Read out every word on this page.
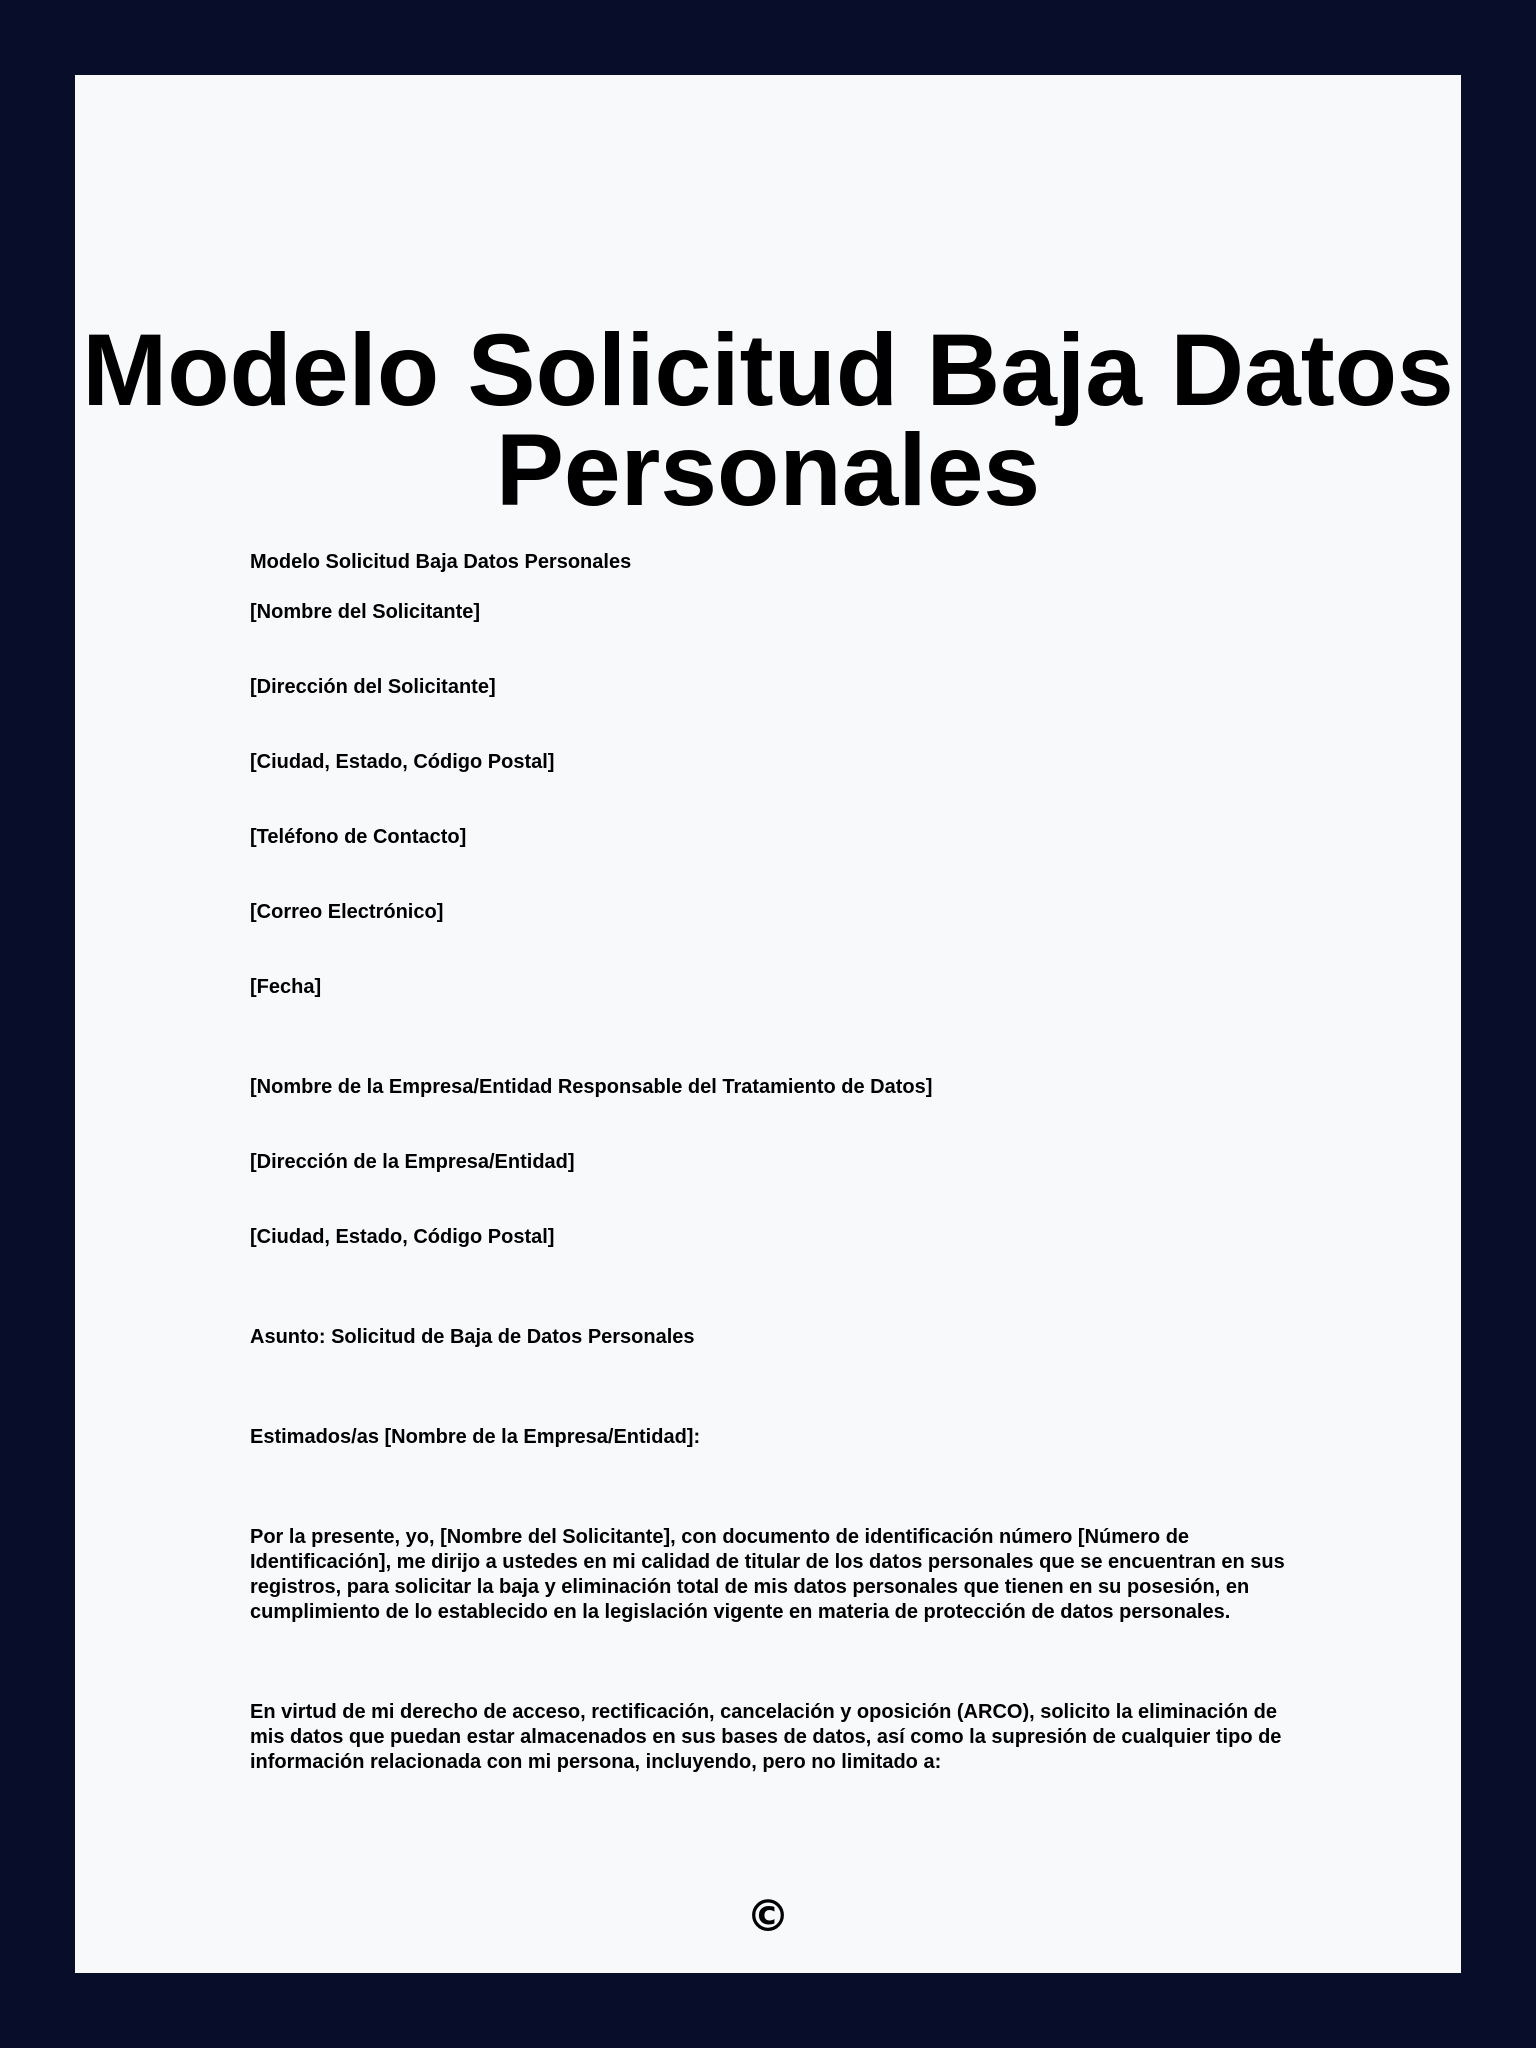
Modelo Solicitud Baja Datos Personales

Modelo Solicitud Baja Datos Personales

[Nombre del Solicitante]

[Dirección del Solicitante]

[Ciudad, Estado, Código Postal]

[Teléfono de Contacto]

[Correo Electrónico]

[Fecha]

[Nombre de la Empresa/Entidad Responsable del Tratamiento de Datos]

[Dirección de la Empresa/Entidad]

[Ciudad, Estado, Código Postal]

Asunto: Solicitud de Baja de Datos Personales

Estimados/as [Nombre de la Empresa/Entidad]:

Por la presente, yo, [Nombre del Solicitante], con documento de identificación número [Número de Identificación], me dirijo a ustedes en mi calidad de titular de los datos personales que se encuentran en sus registros, para solicitar la baja y eliminación total de mis datos personales que tienen en su posesión, en cumplimiento de lo establecido en la legislación vigente en materia de protección de datos personales.

En virtud de mi derecho de acceso, rectificación, cancelación y oposición (ARCO), solicito la eliminación de mis datos que puedan estar almacenados en sus bases de datos, así como la supresión de cualquier tipo de información relacionada con mi persona, incluyendo, pero no limitado a:

©
